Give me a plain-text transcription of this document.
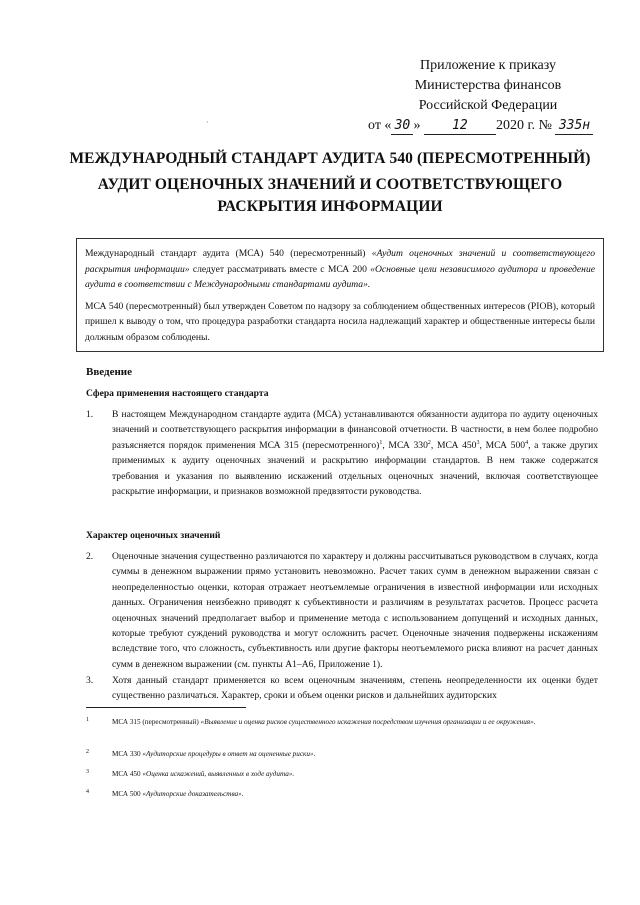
·
Приложение к приказу
Министерства финансов
Российской Федерации
от « 30 » 12 2020 г. № 335н
МЕЖДУНАРОДНЫЙ СТАНДАРТ АУДИТА 540 (ПЕРЕСМОТРЕННЫЙ)
АУДИТ ОЦЕНОЧНЫХ ЗНАЧЕНИЙ И СООТВЕТСТВУЮЩЕГО
РАСКРЫТИЯ ИНФОРМАЦИИ

Международный стандарт аудита (МСА) 540 (пересмотренный) «Аудит оценочных значений и соответствующего раскрытия информации» следует рассматривать вместе с МСА 200 «Основные цели независимого аудитора и проведение аудита в соответствии с Международными стандартами аудита».

МСА 540 (пересмотренный) был утвержден Советом по надзору за соблюдением общественных интересов (PIOB), который пришел к выводу о том, что процедура разработки стандарта носила надлежащий характер и общественные интересы были должным образом соблюдены.

Введение
Сфера применения настоящего стандарта
1.	В настоящем Международном стандарте аудита (МСА) устанавливаются обязанности аудитора по аудиту оценочных значений и соответствующего раскрытия информации в финансовой отчетности. В частности, в нем более подробно разъясняется порядок применения МСА 315 (пересмотренного)$^1$, МСА $330^2$, МСА $450^3$, МСА $500^4$, а также других применимых к аудиту оценочных значений и раскрытию информации стандартов. В нем также содержатся требования и указания по выявлению искажений отдельных оценочных значений, включая соответствующее раскрытие информации, и признаков возможной предвзятости руководства.
Характер оценочных значений
2.	Оценочные значения существенно различаются по характеру и должны рассчитываться руководством в случаях, когда суммы в денежном выражении прямо установить невозможно. Расчет таких сумм в денежном выражении связан с неопределенностью оценки, которая отражает неотъемлемые ограничения в известной информации или исходных данных. Ограничения неизбежно приводят к субъективности и различиям в результатах расчетов. Процесс расчета оценочных значений предполагает выбор и применение метода с использованием допущений и исходных данных, которые требуют суждений руководства и могут осложнить расчет. Оценочные значения подвержены искажениям вследствие того, что сложность, субъективность или другие факторы неотъемлемого риска влияют на расчет данных сумм в денежном выражении (см. пункты А1–А6, Приложение 1).
3.	Хотя данный стандарт применяется ко всем оценочным значениям, степень неопределенности их оценки будет существенно различаться. Характер, сроки и объем оценки рисков и дальнейших аудиторских
1	МСА 315 (пересмотренный) «Выявление и оценка рисков существенного искажения посредством изучения организации и ее окружения».
2	МСА 330 «Аудиторские процедуры в ответ на оцененные риски».
3	МСА 450 «Оценка искажений, выявленных в ходе аудита».
4	МСА 500 «Аудиторские доказательства».
